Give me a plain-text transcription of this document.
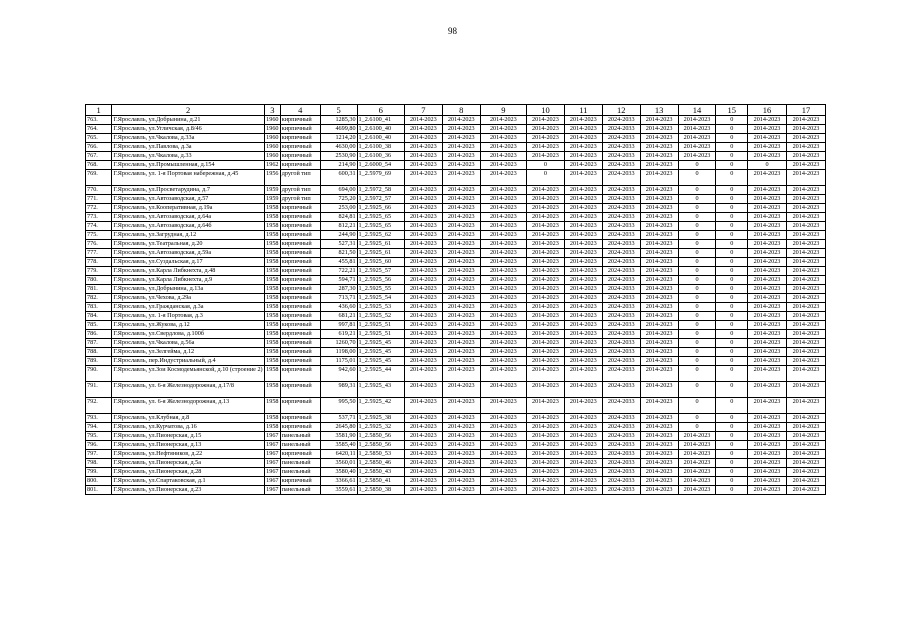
98
1	2	3	4	5	6	7	8	9	10	11	12	13	14	15	16	17
763.	Г.Ярославль, ул.Добрынина, д.21	1960	кирпичный	1285,30	1_2.6100_41	2014-2023	2014-2023	2014-2023	2014-2023	2014-2023	2024-2033	2014-2023	2014-2023	0	2014-2023	2014-2023
764.	Г.Ярославль, ул.Угличская, д.8/46	1960	кирпичный	4699,80	1_2.6100_40	2014-2023	2014-2023	2014-2023	2014-2023	2014-2023	2024-2033	2014-2023	2014-2023	0	2014-2023	2014-2023
765.	Г.Ярославль, ул.Чкалова, д.33а	1960	кирпичный	1214,20	1_2.6100_40	2014-2023	2014-2023	2014-2023	2014-2023	2014-2023	2024-2033	2014-2023	2014-2023	0	2014-2023	2014-2023
766.	Г.Ярославль, ул.Павлова, д.3а	1960	кирпичный	4630,00	1_2.6100_38	2014-2023	2014-2023	2014-2023	2014-2023	2014-2023	2024-2033	2014-2023	2014-2023	0	2014-2023	2014-2023
767.	Г.Ярославль, ул.Чкалова, д.33	1960	кирпичный	2530,90	1_2.6100_36	2014-2023	2014-2023	2014-2023	2014-2023	2014-2023	2024-2033	2014-2023	2014-2023	0	2014-2023	2014-2023
768.	Г.Ярославль, ул.Промышленная, д.154	1962	кирпичный	214,90	1_2.6000_54	2014-2023	2014-2023	2014-2023	0	2014-2023	2024-2033	2014-2023	0	0	0	2014-2023
769.	Г.Ярославль, ул. 1-я Портовая набережная, д.45	1956	другой тип	600,31	1_2.5979_69	2014-2023	2014-2023	2014-2023	0	2014-2023	2024-2033	2014-2023	0	0	2014-2023	2014-2023
770.	Г.Ярославль, ул.Просветарудина, д.7	1959	другой тип	694,00	1_2.5972_58	2014-2023	2014-2023	2014-2023	2014-2023	2014-2023	2024-2033	2014-2023	0	0	2014-2023	2014-2023
771.	Г.Ярославль, ул.Автозаводская, д.57	1959	другой тип	725,20	1_2.5972_57	2014-2023	2014-2023	2014-2023	2014-2023	2014-2023	2024-2033	2014-2023	0	0	2014-2023	2014-2023
772.	Г.Ярославль, ул.Кооперативная, д.19а	1958	кирпичный	253,00	1_2.5925_66	2014-2023	2014-2023	2014-2023	2014-2023	2014-2023	2024-2033	2014-2023	0	0	2014-2023	2014-2023
773.	Г.Ярославль, ул.Автозаводская, д.64а	1958	кирпичный	824,81	1_2.5925_65	2014-2023	2014-2023	2014-2023	2014-2023	2014-2023	2024-2033	2014-2023	0	0	2014-2023	2014-2023
774.	Г.Ярославль, ул.Автозаводская, д.64б	1958	кирпичный	812,21	1_2.5925_65	2014-2023	2014-2023	2014-2023	2014-2023	2014-2023	2024-2033	2014-2023	0	0	2014-2023	2014-2023
775.	Г.Ярославль, ул.Загрудная, д.12	1958	кирпичный	244,90	1_2.5925_62	2014-2023	2014-2023	2014-2023	2014-2023	2014-2023	2024-2033	2014-2023	0	0	2014-2023	2014-2023
776.	Г.Ярославль, ул.Театральная, д.20	1958	кирпичный	527,31	1_2.5925_61	2014-2023	2014-2023	2014-2023	2014-2023	2014-2023	2024-2033	2014-2023	0	0	2014-2023	2014-2023
777.	Г.Ярославль, ул.Автозаводская, д.59а	1958	кирпичный	821,50	1_2.5925_61	2014-2023	2014-2023	2014-2023	2014-2023	2014-2023	2024-2033	2014-2023	0	0	2014-2023	2014-2023
778.	Г.Ярославль, ул.Суздальская, д.17	1958	кирпичный	455,81	1_2.5925_60	2014-2023	2014-2023	2014-2023	2014-2023	2014-2023	2024-2033	2014-2023	0	0	2014-2023	2014-2023
779.	Г.Ярославль, ул.Карла Либкнехта, д.48	1958	кирпичный	722,21	1_2.5925_57	2014-2023	2014-2023	2014-2023	2014-2023	2014-2023	2024-2033	2014-2023	0	0	2014-2023	2014-2023
780.	Г.Ярославль, ул.Карла Либкнехта, д.9	1958	кирпичный	594,71	1_2.5925_56	2014-2023	2014-2023	2014-2023	2014-2023	2014-2023	2024-2033	2014-2023	0	0	2014-2023	2014-2023
781.	Г.Ярославль, ул.Добрынина, д.13а	1958	кирпичный	287,30	1_2.5925_55	2014-2023	2014-2023	2014-2023	2014-2023	2014-2023	2024-2033	2014-2023	0	0	2014-2023	2014-2023
782.	Г.Ярославль, ул.Чехова, д.29а	1958	кирпичный	713,71	1_2.5925_54	2014-2023	2014-2023	2014-2023	2014-2023	2014-2023	2024-2033	2014-2023	0	0	2014-2023	2014-2023
783.	Г.Ярославль, ул.Гражданская, д.3а	1958	кирпичный	436,60	1_2.5925_53	2014-2023	2014-2023	2014-2023	2014-2023	2014-2023	2024-2033	2014-2023	0	0	2014-2023	2014-2023
784.	Г.Ярославль, ул. 1-я Портовая, д.3	1958	кирпичный	681,21	1_2.5925_52	2014-2023	2014-2023	2014-2023	2014-2023	2014-2023	2024-2033	2014-2023	0	0	2014-2023	2014-2023
785.	Г.Ярославль, ул.Жукова, д.12	1958	кирпичный	997,81	1_2.5925_51	2014-2023	2014-2023	2014-2023	2014-2023	2014-2023	2024-2033	2014-2023	0	0	2014-2023	2014-2023
786.	Г.Ярославль, ул.Свердлова, д.100б	1958	кирпичный	619,21	1_2.5925_51	2014-2023	2014-2023	2014-2023	2014-2023	2014-2023	2024-2033	2014-2023	0	0	2014-2023	2014-2023
787.	Г.Ярославль, ул.Чкалова, д.56а	1958	кирпичный	1260,70	1_2.5925_45	2014-2023	2014-2023	2014-2023	2014-2023	2014-2023	2024-2033	2014-2023	0	0	2014-2023	2014-2023
788.	Г.Ярославль, ул.Зелгейма, д.12	1958	кирпичный	1198,00	1_2.5925_45	2014-2023	2014-2023	2014-2023	2014-2023	2014-2023	2024-2033	2014-2023	0	0	2014-2023	2014-2023
789.	Г.Ярославль, пер.Индустриальный, д.4	1958	кирпичный	1175,01	1_2.5925_45	2014-2023	2014-2023	2014-2023	2014-2023	2014-2023	2024-2033	2014-2023	0	0	2014-2023	2014-2023
790.	Г.Ярославль, ул.Зои Космодемьянской, д.10 (строение 2)	1958	кирпичный	942,60	1_2.5925_44	2014-2023	2014-2023	2014-2023	2014-2023	2014-2023	2024-2033	2014-2023	0	0	2014-2023	2014-2023
791.	Г.Ярославль, ул. 6-я Железнодорожная, д.17/8	1958	кирпичный	989,31	1_2.5925_43	2014-2023	2014-2023	2014-2023	2014-2023	2014-2023	2024-2033	2014-2023	0	0	2014-2023	2014-2023
792.	Г.Ярославль, ул. 6-я Железнодорожная, д.13	1958	кирпичный	995,50	1_2.5925_42	2014-2023	2014-2023	2014-2023	2014-2023	2014-2023	2024-2033	2014-2023	0	0	2014-2023	2014-2023
793.	Г.Ярославль, ул.Клубная, д.8	1958	кирпичный	537,71	1_2.5925_38	2014-2023	2014-2023	2014-2023	2014-2023	2014-2023	2024-2033	2014-2023	0	0	2014-2023	2014-2023
794.	Г.Ярославль, ул.Курчатова, д.16	1958	кирпичный	2645,80	1_2.5925_32	2014-2023	2014-2023	2014-2023	2014-2023	2014-2023	2024-2033	2014-2023	0	0	2014-2023	2014-2023
795.	Г.Ярославль, ул.Пионерская, д.15	1967	панельный	3581,90	1_2.5850_56	2014-2023	2014-2023	2014-2023	2014-2023	2014-2023	2024-2033	2014-2023	2014-2023	0	2014-2023	2014-2023
796.	Г.Ярославль, ул.Пионерская, д.13	1967	панельный	3585,40	1_2.5850_56	2014-2023	2014-2023	2014-2023	2014-2023	2014-2023	2024-2033	2014-2023	2014-2023	0	2014-2023	2014-2023
797.	Г.Ярославль, ул.Нефтяников, д.22	1967	кирпичный	6420,11	1_2.5850_53	2014-2023	2014-2023	2014-2023	2014-2023	2014-2023	2024-2033	2014-2023	2014-2023	0	2014-2023	2014-2023
798.	Г.Ярославль, ул.Пионерская, д.5а	1967	панельный	3560,01	1_2.5850_46	2014-2023	2014-2023	2014-2023	2014-2023	2014-2023	2024-2033	2014-2023	2014-2023	0	2014-2023	2014-2023
799.	Г.Ярославль, ул.Пионерская, д.28	1967	панельный	3580,40	1_2.5850_43	2014-2023	2014-2023	2014-2023	2014-2023	2014-2023	2024-2033	2014-2023	2014-2023	0	2014-2023	2014-2023
800.	Г.Ярославль, ул.Спартаковская, д.1	1967	кирпичный	3366,61	1_2.5850_41	2014-2023	2014-2023	2014-2023	2014-2023	2014-2023	2024-2033	2014-2023	2014-2023	0	2014-2023	2014-2023
801.	Г.Ярославль, ул.Пионерская, д.23	1967	панельный	3559,61	1_2.5850_38	2014-2023	2014-2023	2014-2023	2014-2023	2014-2023	2024-2033	2014-2023	2014-2023	0	2014-2023	2014-2023
